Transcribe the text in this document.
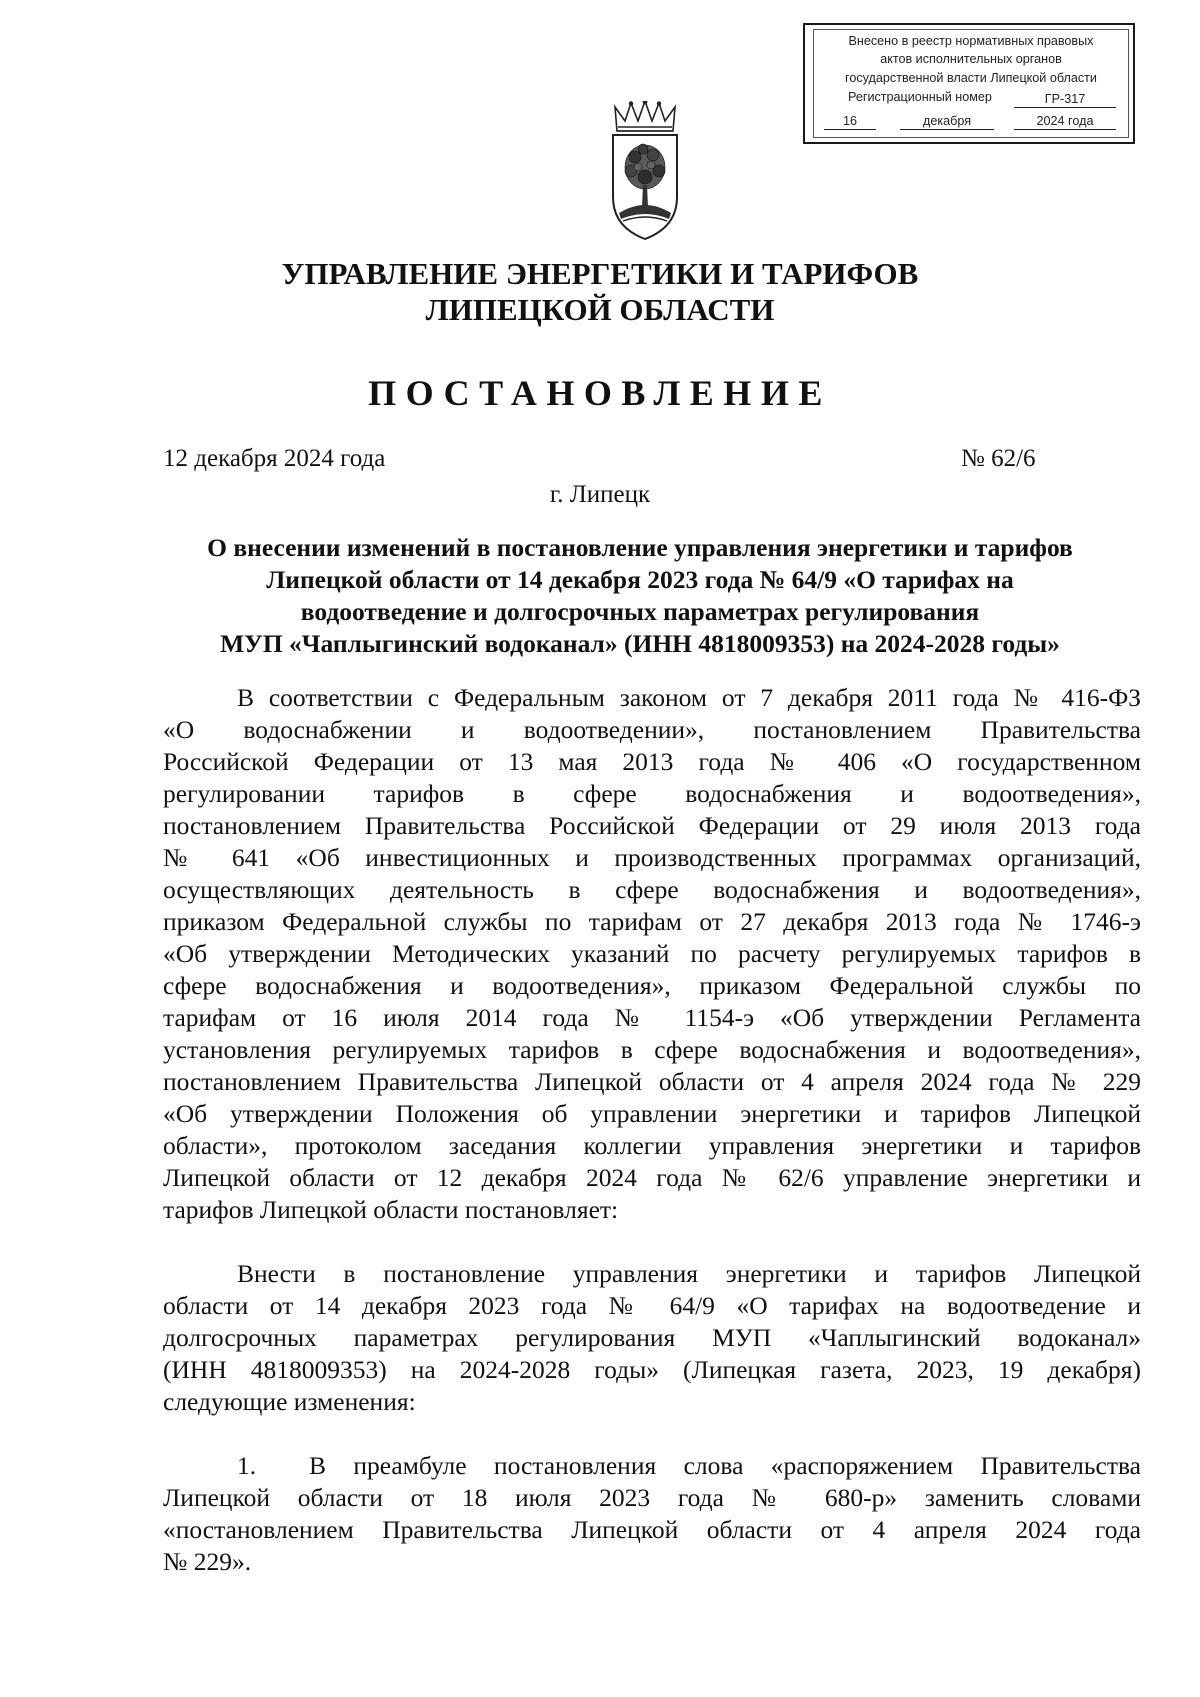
Внесено в реестр нормативных правовых
актов исполнительных органов
государственной власти Липецкой области
Регистрационный номер	ГР-317
16	декабря	2024 года
УПРАВЛЕНИЕ ЭНЕРГЕТИКИ И ТАРИФОВ
ЛИПЕЦКОЙ ОБЛАСТИ
ПОСТАНОВЛЕНИЕ
12 декабря 2024 года	№ 62/6
г. Липецк
О внесении изменений в постановление управления энергетики и тарифов
Липецкой области от 14 декабря 2023 года № 64/9 «О тарифах на
водоотведение и долгосрочных параметрах регулирования
МУП «Чаплыгинский водоканал» (ИНН 4818009353) на 2024-2028 годы»
В соответствии с Федеральным законом от 7 декабря 2011 года № 416-ФЗ
«О водоснабжении и водоотведении», постановлением Правительства
Российской Федерации от 13 мая 2013 года № 406 «О государственном
регулировании тарифов в сфере водоснабжения и водоотведения»,
постановлением Правительства Российской Федерации от 29 июля 2013 года
№ 641 «Об инвестиционных и производственных программах организаций,
осуществляющих деятельность в сфере водоснабжения и водоотведения»,
приказом Федеральной службы по тарифам от 27 декабря 2013 года № 1746-э
«Об утверждении Методических указаний по расчету регулируемых тарифов в
сфере водоснабжения и водоотведения», приказом Федеральной службы по
тарифам от 16 июля 2014 года № 1154-э «Об утверждении Регламента
установления регулируемых тарифов в сфере водоснабжения и водоотведения»,
постановлением Правительства Липецкой области от 4 апреля 2024 года № 229
«Об утверждении Положения об управлении энергетики и тарифов Липецкой
области», протоколом заседания коллегии управления энергетики и тарифов
Липецкой области от 12 декабря 2024 года № 62/6 управление энергетики и
тарифов Липецкой области постановляет:
Внести в постановление управления энергетики и тарифов Липецкой
области от 14 декабря 2023 года № 64/9 «О тарифах на водоотведение и
долгосрочных параметрах регулирования МУП «Чаплыгинский водоканал»
(ИНН 4818009353) на 2024-2028 годы» (Липецкая газета, 2023, 19 декабря)
следующие изменения:
1. В преамбуле постановления слова «распоряжением Правительства
Липецкой области от 18 июля 2023 года № 680-р» заменить словами
«постановлением Правительства Липецкой области от 4 апреля 2024 года
№ 229».
